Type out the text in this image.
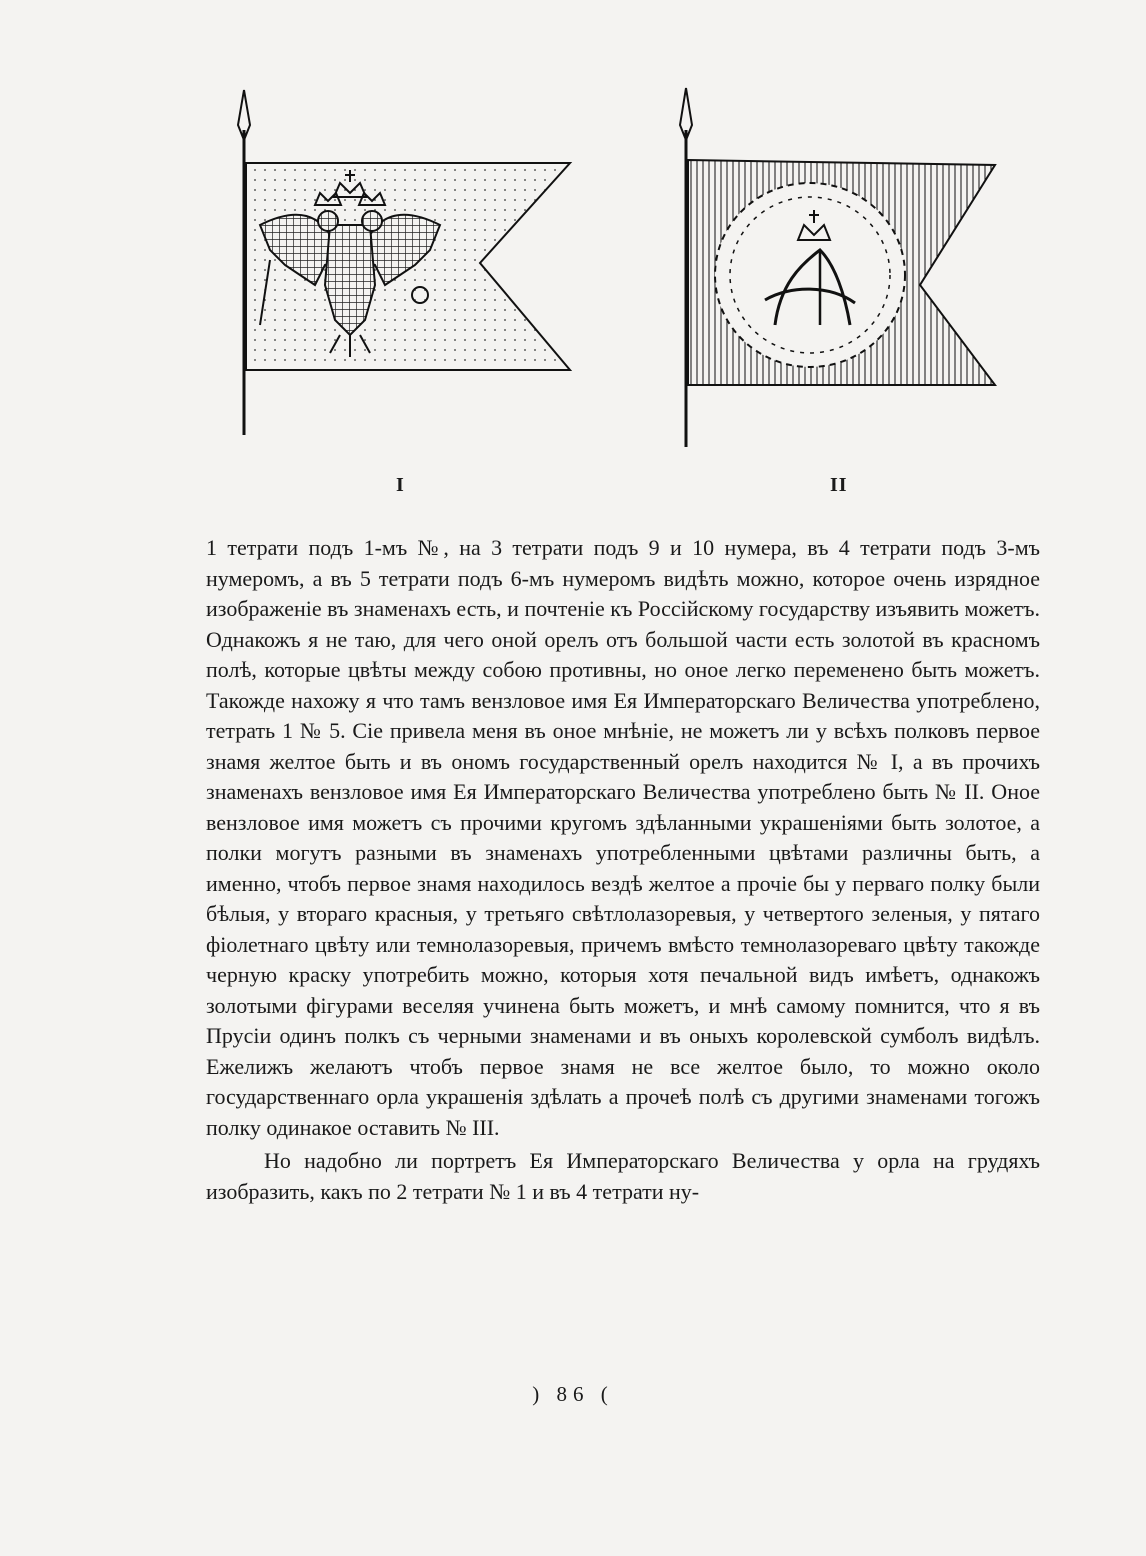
I	II

1 тетрати подъ 1-мъ №, на 3 тетрати подъ 9 и 10 нумера, въ 4 тетрати подъ 3-мъ нумеромъ, а въ 5 тетрати подъ 6-мъ нумеромъ видѣть можно, которое очень изрядное изображеніе въ знаменахъ есть, и почтеніе къ Россійскому государству изъявить можетъ. Однакожъ я не таю, для чего оной орелъ отъ большой части есть золотой въ красномъ полѣ, которые цвѣты между собою противны, но оное легко переменено быть можетъ. Такожде нахожу я что тамъ вензловое имя Ея Императорскаго Величества употреблено, тетрать 1 № 5. Сіе привела меня въ оное мнѣніе, не можетъ ли у всѣхъ полковъ первое знамя желтое быть и въ ономъ государственный орелъ находится № I, а въ прочихъ знаменахъ вензловое имя Ея Императорскаго Величества употреблено быть № II. Оное вензловое имя можетъ съ прочими кругомъ здѣланными украшеніями быть золотое, а полки могутъ разными въ знаменахъ употребленными цвѣтами различны быть, а именно, чтобъ первое знамя находилось вездѣ желтое а прочіе бы у перваго полку были бѣлыя, у втораго красныя, у третьяго свѣтлолазоревыя, у четвертого зеленыя, у пятаго фіолетнаго цвѣту или темнолазоревыя, причемъ вмѣсто темнолазореваго цвѣту такожде черную краску употребить можно, которыя хотя печальной видъ имѣетъ, однакожъ золотыми фігурами веселяя учинена быть можетъ, и мнѣ самому помнится, что я въ Прусіи одинъ полкъ съ черными знаменами и въ оныхъ королевской сумболъ видѣлъ. Ежелижъ желаютъ чтобъ первое знамя не все желтое было, то можно около государственнаго орла украшенія здѣлать а прочеѣ полѣ съ другими знаменами тогожъ полку одинакое оставить № III.

Но надобно ли портретъ Ея Императорскаго Величества у орла на грудяхъ изобразить, какъ по 2 тетрати № 1 и въ 4 тетрати ну-

) 86 (
